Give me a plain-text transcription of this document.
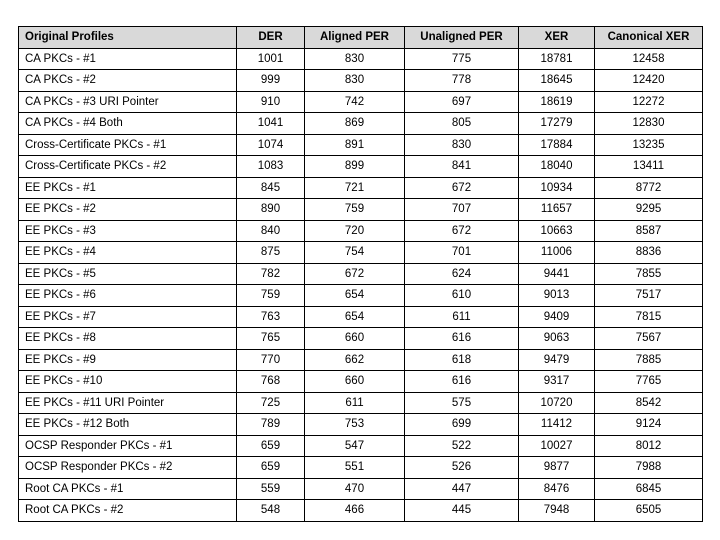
Original Profiles	DER	Aligned PER	Unaligned PER	XER	Canonical XER
CA PKCs - #1	1001	830	775	18781	12458
CA PKCs - #2	999	830	778	18645	12420
CA PKCs - #3 URI Pointer	910	742	697	18619	12272
CA PKCs - #4 Both	1041	869	805	17279	12830
Cross-Certificate PKCs - #1	1074	891	830	17884	13235
Cross-Certificate PKCs - #2	1083	899	841	18040	13411
EE PKCs - #1	845	721	672	10934	8772
EE PKCs - #2	890	759	707	11657	9295
EE PKCs - #3	840	720	672	10663	8587
EE PKCs - #4	875	754	701	11006	8836
EE PKCs - #5	782	672	624	9441	7855
EE PKCs - #6	759	654	610	9013	7517
EE PKCs - #7	763	654	611	9409	7815
EE PKCs - #8	765	660	616	9063	7567
EE PKCs - #9	770	662	618	9479	7885
EE PKCs - #10	768	660	616	9317	7765
EE PKCs - #11 URI Pointer	725	611	575	10720	8542
EE PKCs - #12 Both	789	753	699	11412	9124
OCSP Responder PKCs - #1	659	547	522	10027	8012
OCSP Responder PKCs - #2	659	551	526	9877	7988
Root CA PKCs - #1	559	470	447	8476	6845
Root CA PKCs - #2	548	466	445	7948	6505
